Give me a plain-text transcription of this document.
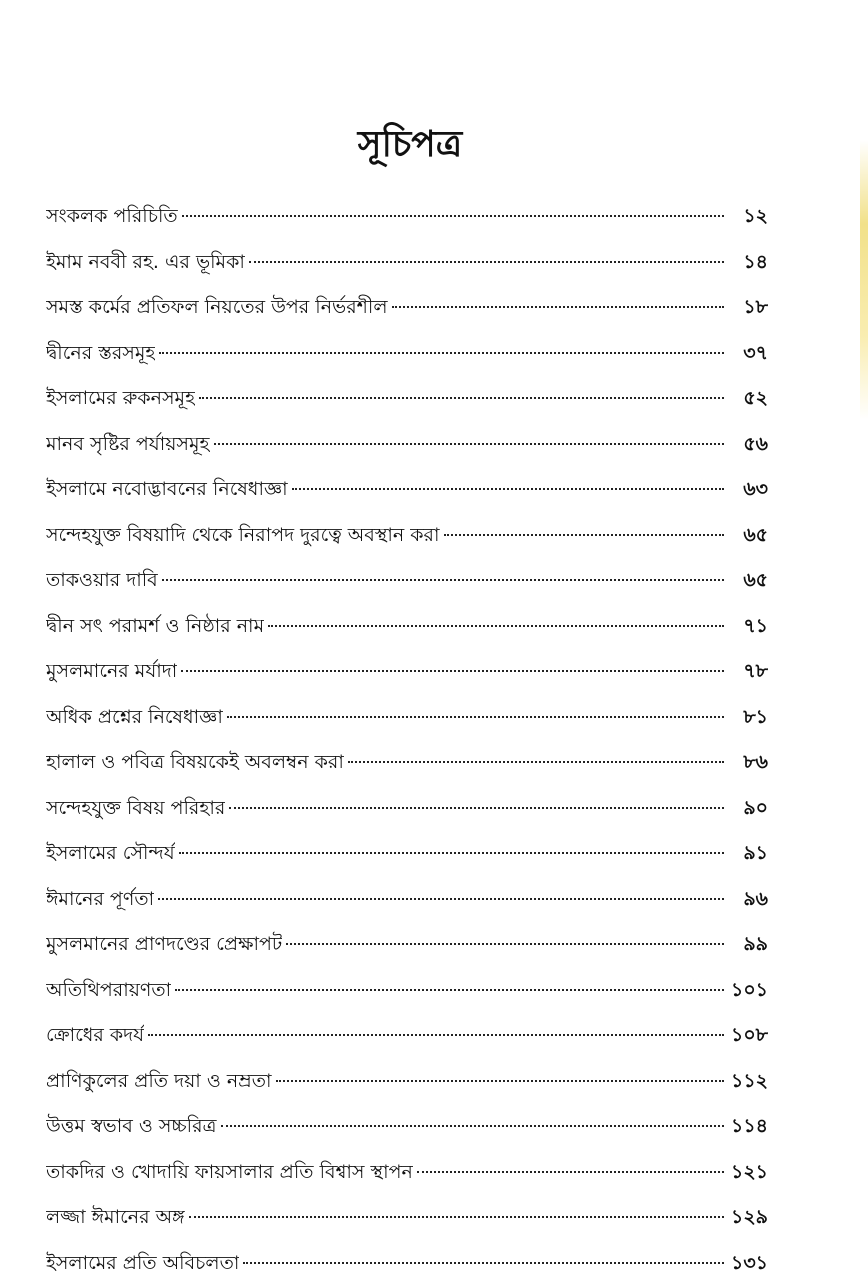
সূচিপত্র
সংকলক পরিচিতি	১২
ইমাম নববী রহ. এর ভূমিকা	১৪
সমস্ত কর্মের প্রতিফল নিয়তের উপর নির্ভরশীল	১৮
দ্বীনের স্তরসমূহ	৩৭
ইসলামের রুকনসমূহ	৫২
মানব সৃষ্টির পর্যায়সমূহ	৫৬
ইসলামে নবোদ্ভাবনের নিষেধাজ্ঞা	৬৩
সন্দেহযুক্ত বিষয়াদি থেকে নিরাপদ দুরত্বে অবস্থান করা	৬৫
তাকওয়ার দাবি	৬৫
দ্বীন সৎ পরামর্শ ও নিষ্ঠার নাম	৭১
মুসলমানের মর্যাদা	৭৮
অধিক প্রশ্নের নিষেধাজ্ঞা	৮১
হালাল ও পবিত্র বিষয়কেই অবলম্বন করা	৮৬
সন্দেহযুক্ত বিষয় পরিহার	৯০
ইসলামের সৌন্দর্য	৯১
ঈমানের পূর্ণতা	৯৬
মুসলমানের প্রাণদণ্ডের প্রেক্ষাপট	৯৯
অতিথিপরায়ণতা	১০১
ক্রোধের কদর্য	১০৮
প্রাণিকুলের প্রতি দয়া ও নম্রতা	১১২
উত্তম স্বভাব ও সচ্চরিত্র	১১৪
তাকদির ও খোদায়ি ফায়সালার প্রতি বিশ্বাস স্থাপন	১২১
লজ্জা ঈমানের অঙ্গ	১২৯
ইসলামের প্রতি অবিচলতা	১৩১
